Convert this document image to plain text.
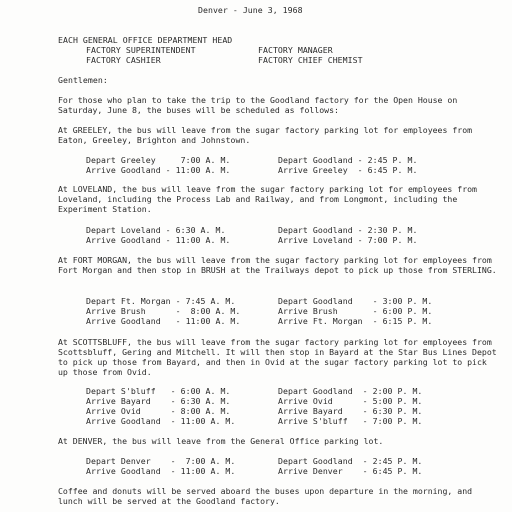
Denver - June 3, 1968
EACH GENERAL OFFICE DEPARTMENT HEAD
FACTORY SUPERINTENDENT
FACTORY CASHIER
FACTORY MANAGER
FACTORY CHIEF CHEMIST
Gentlemen:
For those who plan to take the trip to the Goodland factory for the Open House on Saturday, June 8, the buses will be scheduled as follows:
At GREELEY, the bus will leave from the sugar factory parking lot for employees from Eaton, Greeley, Brighton and Johnstown.
Depart Greeley     7:00 A. M.
Arrive Goodland - 11:00 A. M.
Depart Goodland - 2:45 P. M.
Arrive Greeley  - 6:45 P. M.
At LOVELAND, the bus will leave from the sugar factory parking lot for employees from Loveland, including the Process Lab and Railway, and from Longmont, including the Experiment Station.
Depart Loveland - 6:30 A. M.
Arrive Goodland - 11:00 A. M.
Depart Goodland - 2:30 P. M.
Arrive Loveland - 7:00 P. M.
At FORT MORGAN, the bus will leave from the sugar factory parking lot for employees from Fort Morgan and then stop in BRUSH at the Trailways depot to pick up those from STERLING.
Depart Ft. Morgan - 7:45 A. M.
Arrive Brush      -  8:00 A. M.
Arrive Goodland   - 11:00 A. M.
Depart Goodland    - 3:00 P. M.
Arrive Brush       - 6:00 P. M.
Arrive Ft. Morgan  - 6:15 P. M.
At SCOTTSBLUFF, the bus will leave from the sugar factory parking lot for employees from Scottsbluff, Gering and Mitchell. It will then stop in Bayard at the Star Bus Lines Depot to pick up those from Bayard, and then in Ovid at the sugar factory parking lot to pick up those from Ovid.
Depart S'bluff   - 6:00 A. M.
Arrive Bayard    - 6:30 A. M.
Arrive Ovid      - 8:00 A. M.
Arrive Goodland  - 11:00 A. M.
Depart Goodland  - 2:00 P. M.
Arrive Ovid      - 5:00 P. M.
Arrive Bayard    - 6:30 P. M.
Arrive S'bluff   - 7:00 P. M.
At DENVER, the bus will leave from the General Office parking lot.
Depart Denver    -  7:00 A. M.
Arrive Goodland  - 11:00 A. M.
Depart Goodland  - 2:45 P. M.
Arrive Denver    - 6:45 P. M.
Coffee and donuts will be served aboard the buses upon departure in the morning, and lunch will be served at the Goodland factory.
